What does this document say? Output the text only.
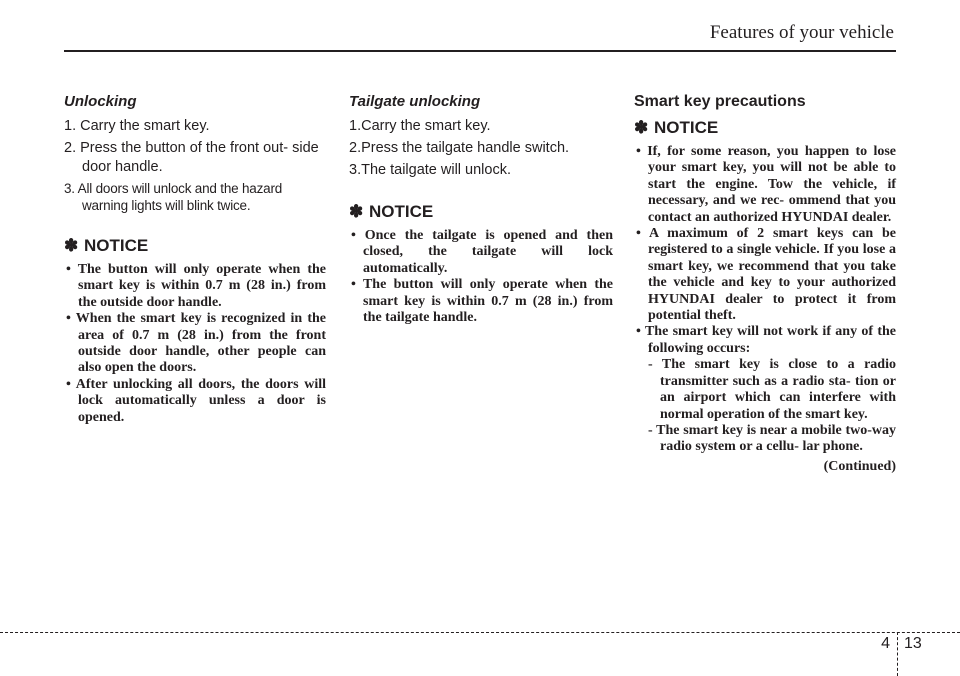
Features of your vehicle
Unlocking
1. Carry the smart key.
2. Press the button of the front out- side door handle.
3. All doors will unlock and the hazard warning lights will blink twice.
✽ NOTICE
• The button will only operate when the smart key is within 0.7 m (28 in.) from the outside door handle.
• When the smart key is recognized in the area of 0.7 m (28 in.) from the front outside door handle, other people can also open the doors.
• After unlocking all doors, the doors will lock automatically unless a door is opened.
Tailgate unlocking
1.Carry the smart key.
2.Press the tailgate handle switch.
3.The tailgate will unlock.
✽ NOTICE
• Once the tailgate is opened and then closed, the tailgate will lock automatically.
• The button will only operate when the smart key is within 0.7 m (28 in.) from the tailgate handle.
Smart key precautions
✽ NOTICE
• If, for some reason, you happen to lose your smart key, you will not be able to start the engine. Tow the vehicle, if necessary, and we rec- ommend that you contact an authorized HYUNDAI dealer.
• A maximum of 2 smart keys can be registered to a single vehicle. If you lose a smart key, we recommend that you take the vehicle and key to your authorized HYUNDAI dealer to protect it from potential theft.
• The smart key will not work if any of the following occurs:
- The smart key is close to a radio transmitter such as a radio sta- tion or an airport which can interfere with normal operation of the smart key.
- The smart key is near a mobile two-way radio system or a cellu- lar phone.
(Continued)
4 13
